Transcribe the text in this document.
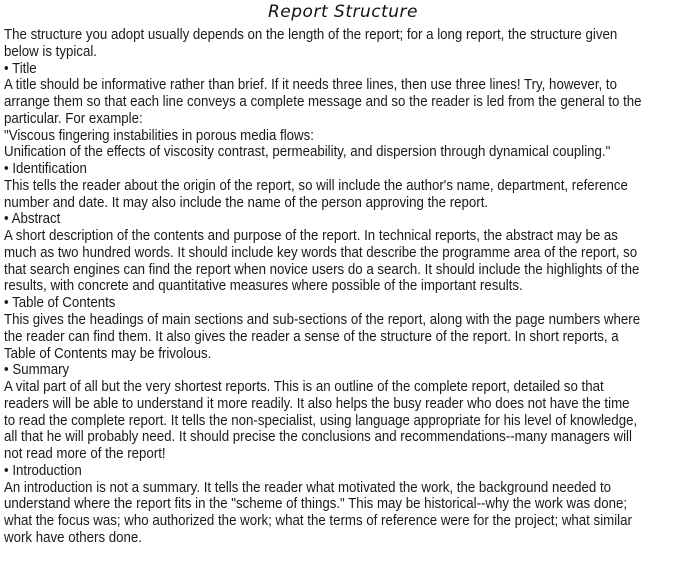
Report Structure
The structure you adopt usually depends on the length of the report; for a long report, the structure given
below is typical.
• Title
A title should be informative rather than brief. If it needs three lines, then use three lines! Try, however, to
arrange them so that each line conveys a complete message and so the reader is led from the general to the
particular. For example:
"Viscous fingering instabilities in porous media flows:
Unification of the effects of viscosity contrast, permeability, and dispersion through dynamical coupling."
• Identification
This tells the reader about the origin of the report, so will include the author's name, department, reference
number and date. It may also include the name of the person approving the report.
• Abstract
A short description of the contents and purpose of the report. In technical reports, the abstract may be as
much as two hundred words. It should include key words that describe the programme area of the report, so
that search engines can find the report when novice users do a search. It should include the highlights of the
results, with concrete and quantitative measures where possible of the important results.
• Table of Contents
This gives the headings of main sections and sub-sections of the report, along with the page numbers where
the reader can find them. It also gives the reader a sense of the structure of the report. In short reports, a
Table of Contents may be frivolous.
• Summary
A vital part of all but the very shortest reports. This is an outline of the complete report, detailed so that
readers will be able to understand it more readily. It also helps the busy reader who does not have the time
to read the complete report. It tells the non-specialist, using language appropriate for his level of knowledge,
all that he will probably need. It should precise the conclusions and recommendations--many managers will
not read more of the report!
• Introduction
An introduction is not a summary. It tells the reader what motivated the work, the background needed to
understand where the report fits in the "scheme of things." This may be historical--why the work was done;
what the focus was; who authorized the work; what the terms of reference were for the project; what similar
work have others done.
